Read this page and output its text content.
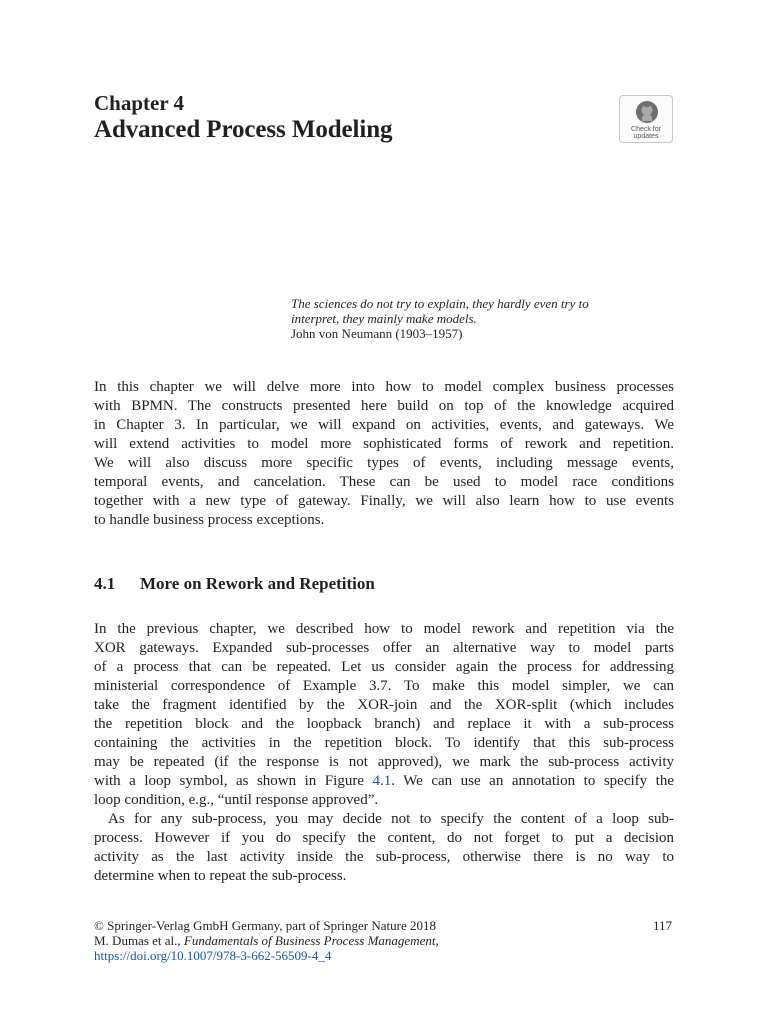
Chapter 4
Advanced Process Modeling	Check for
updates
The sciences do not try to explain, they hardly even try to
interpret, they mainly make models.
John von Neumann (1903–1957)
In this chapter we will delve more into how to model complex business processes
with BPMN. The constructs presented here build on top of the knowledge acquired
in Chapter 3. In particular, we will expand on activities, events, and gateways. We
will extend activities to model more sophisticated forms of rework and repetition.
We will also discuss more specific types of events, including message events,
temporal events, and cancelation. These can be used to model race conditions
together with a new type of gateway. Finally, we will also learn how to use events
to handle business process exceptions.
4.1 More on Rework and Repetition
In the previous chapter, we described how to model rework and repetition via the
XOR gateways. Expanded sub-processes offer an alternative way to model parts
of a process that can be repeated. Let us consider again the process for addressing
ministerial correspondence of Example 3.7. To make this model simpler, we can
take the fragment identified by the XOR-join and the XOR-split (which includes
the repetition block and the loopback branch) and replace it with a sub-process
containing the activities in the repetition block. To identify that this sub-process
may be repeated (if the response is not approved), we mark the sub-process activity
with a loop symbol, as shown in Figure 4.1. We can use an annotation to specify the
loop condition, e.g., “until response approved”.
As for any sub-process, you may decide not to specify the content of a loop sub-
process. However if you do specify the content, do not forget to put a decision
activity as the last activity inside the sub-process, otherwise there is no way to
determine when to repeat the sub-process.
© Springer-Verlag GmbH Germany, part of Springer Nature 2018	117
M. Dumas et al., Fundamentals of Business Process Management,
https://doi.org/10.1007/978-3-662-56509-4_4
